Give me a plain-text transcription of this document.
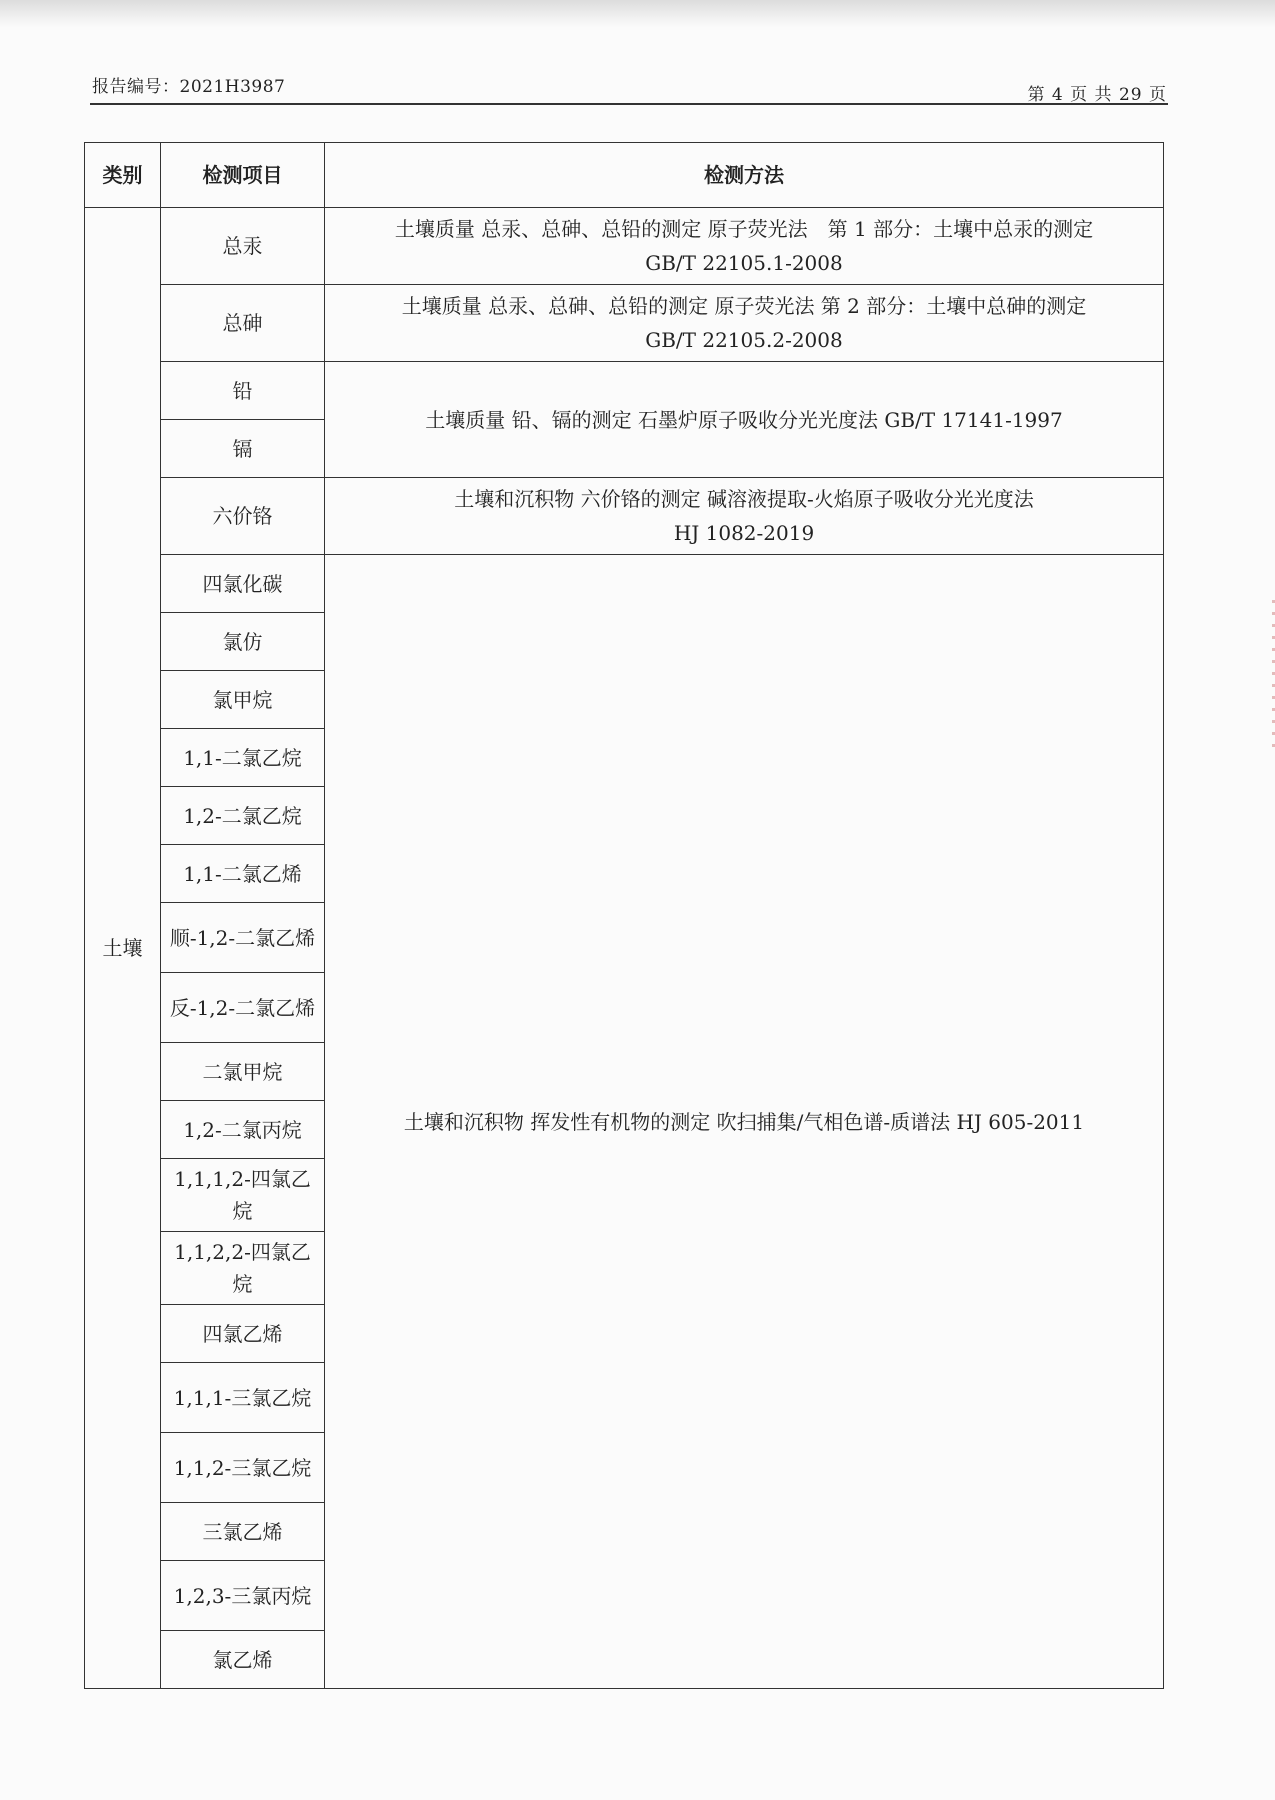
报告编号：2021H3987	第 4 页 共 29 页
类别	检测项目	检测方法
土壤	总汞	土壤质量 总汞、总砷、总铅的测定 原子荧光法　第 1 部分：土壤中总汞的测定
GB/T 22105.1-2008

	总砷	土壤质量 总汞、总砷、总铅的测定 原子荧光法 第 2 部分：土壤中总砷的测定
GB/T 22105.2-2008

	铅	土壤质量 铅、镉的测定 石墨炉原子吸收分光光度法 GB/T 17141-1997
	镉	
	六价铬	土壤和沉积物 六价铬的测定 碱溶液提取-火焰原子吸收分光光度法
HJ 1082-2019

	四氯化碳	土壤和沉积物 挥发性有机物的测定 吹扫捕集/气相色谱-质谱法 HJ 605-2011
	氯仿	
	氯甲烷	
	1,1-二氯乙烷	
	1,2-二氯乙烷	
	1,1-二氯乙烯	
	顺-1,2-二氯乙烯	
	反-1,2-二氯乙烯	
	二氯甲烷	
	1,2-二氯丙烷	
	1,1,1,2-四氯乙烷	
	1,1,2,2-四氯乙烷	
	四氯乙烯	
	1,1,1-三氯乙烷	
	1,1,2-三氯乙烷	
	三氯乙烯	
	1,2,3-三氯丙烷	
	氯乙烯	
